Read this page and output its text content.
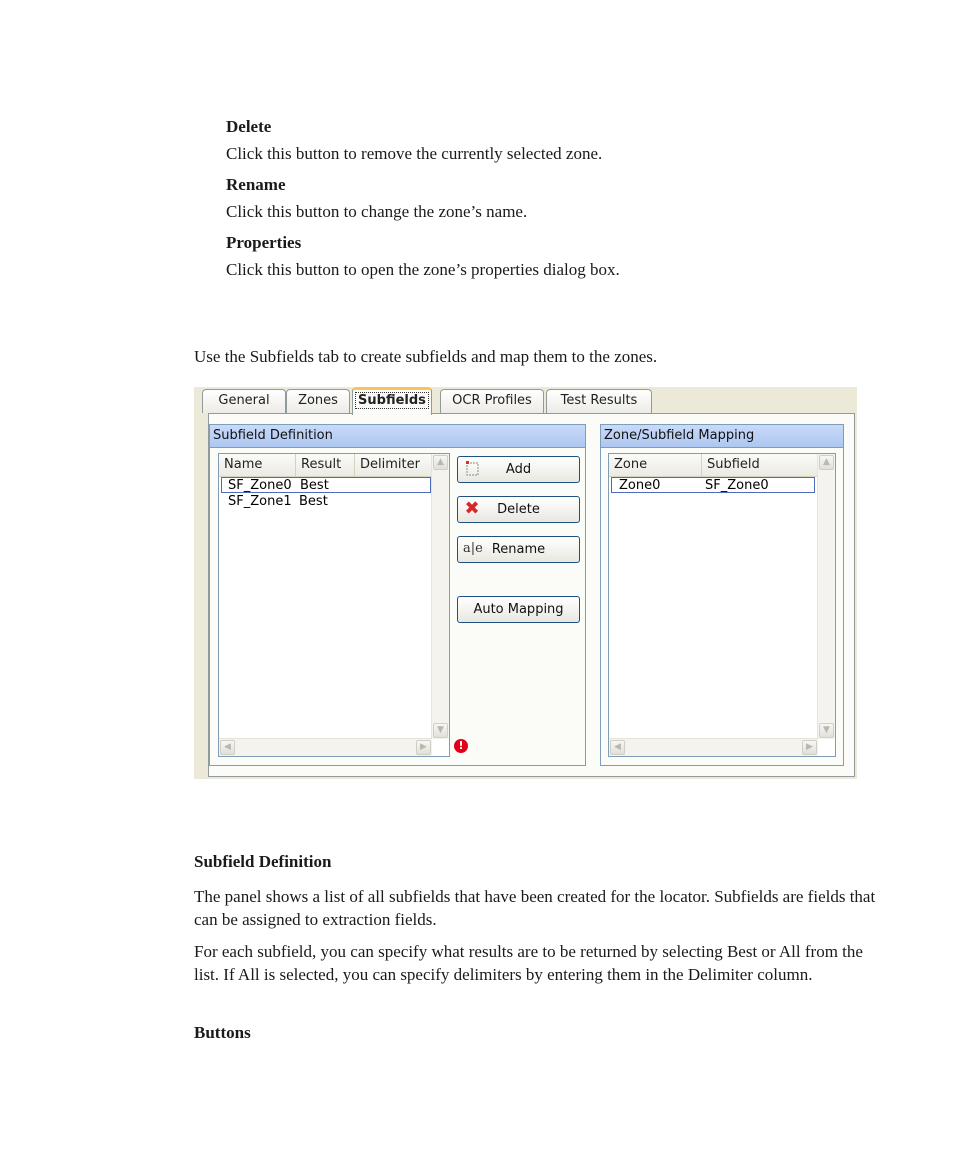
Delete
Click this button to remove the currently selected zone.
Rename
Click this button to change the zone’s name.
Properties
Click this button to open the zone’s properties dialog box.
Use the Subfields tab to create subfields and map them to the zones.
General	Zones	Subfields	OCR Profiles	Test Results
Subfield Definition
Name	Result	Delimiter
SF_Zone0 Best
SF_Zone1 Best
▲
▼
◀	▶
Add
✖ Delete
a|e Rename
Auto Mapping
!
Zone/Subfield Mapping
Zone	Subfield
Zone0	SF_Zone0
▲
▼
◀	▶
Subfield Definition
The panel shows a list of all subfields that have been created for the locator. Subfields are fields that can be assigned to extraction fields.
For each subfield, you can specify what results are to be returned by selecting Best or All from the list. If All is selected, you can specify delimiters by entering them in the Delimiter column.
Buttons
